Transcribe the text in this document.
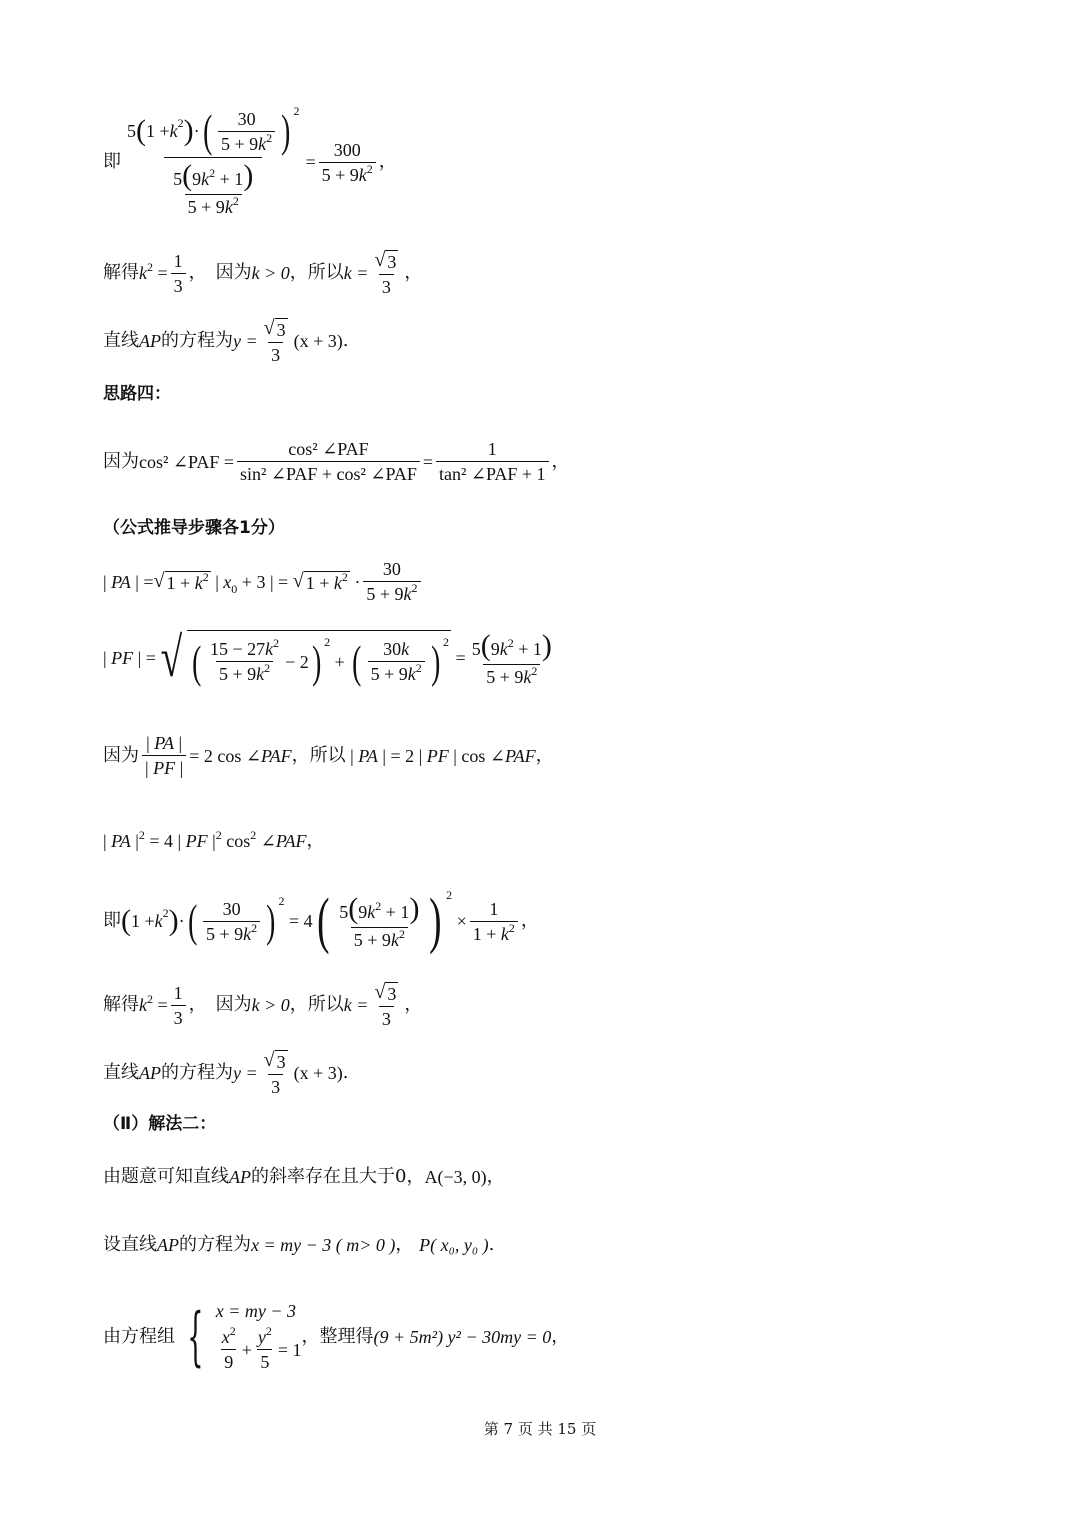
即 $\frac{5 ( 1 + k 2 ) \cdot ( \frac{30}{5 + 9k^2} ) 2}{\frac{5(9k^2 + 1)}{5 + 9k^2}} = \frac{300}{5 + 9k^2}$ ，
解得 $k^2 = \frac{1}{3}$ ，　因为 k > 0 ，所以 $k = \frac{√ 3}{3}$ ，
直线 AP 的方程为 $y = \frac{√ 3}{3} (x + 3)$ .
思路四：
因为 cos² ∠PAF = $\frac{\text{cos² ∠PAF}}{\text{sin² ∠PAF + cos² ∠PAF}} = \frac{1}{\text{tan² ∠PAF + 1}}$ ，
（公式推导步骤各1分）
| PA | = √ $1 + k^2$ | $x_0 + 3$ | = √ $1 + k^2 \cdot \frac{30}{5 + 9k^2}$
| PF | = √ ( $\frac{15 - 27k^2}{5 + 9k^2} - 2$ ) 2
+ ( $\frac{30k}{5 + 9k^2}$ ) 2
= $\frac{5(9k^2 + 1)}{5 + 9k^2}$
因为 $\frac{| PA |}{| PF |} = 2$ cos ∠PAF ，所以 | PA | = 2 | PF | cos ∠PAF ，
| PA $|^2 = 4$ | PF $|^2$ $\cos^2$ ∠PAF ，
即 ( 1 + k 2 ) · ( $\frac{30}{5 + 9k^2}$ ) 2
= 4 ( $\frac{5(9k^2 + 1)}{5 + 9k^2}$ ) 2
× $\frac{1}{1 + k^2}$ ，
解得 $k^2 = \frac{1}{3}$ ，　因为 k > 0 ，所以 $k = \frac{√ 3}{3}$ ，
直线 AP 的方程为 $y = \frac{√ 3}{3} (x + 3)$ .
（Ⅱ）解法二：
由题意可知直线 AP 的斜率存在且大于0， A(−3, 0) ，
设直线 AP 的方程为 x = my − 3 ( m> 0 ) ， P( x₀, y₀ ) .
由方程组 { x = my − 3
$\frac{x^2}{9} + \frac{y^2}{5} = 1$
，整理得 (9 + 5m²) y² − 30my = 0 ，
第 7 页 共 15 页
